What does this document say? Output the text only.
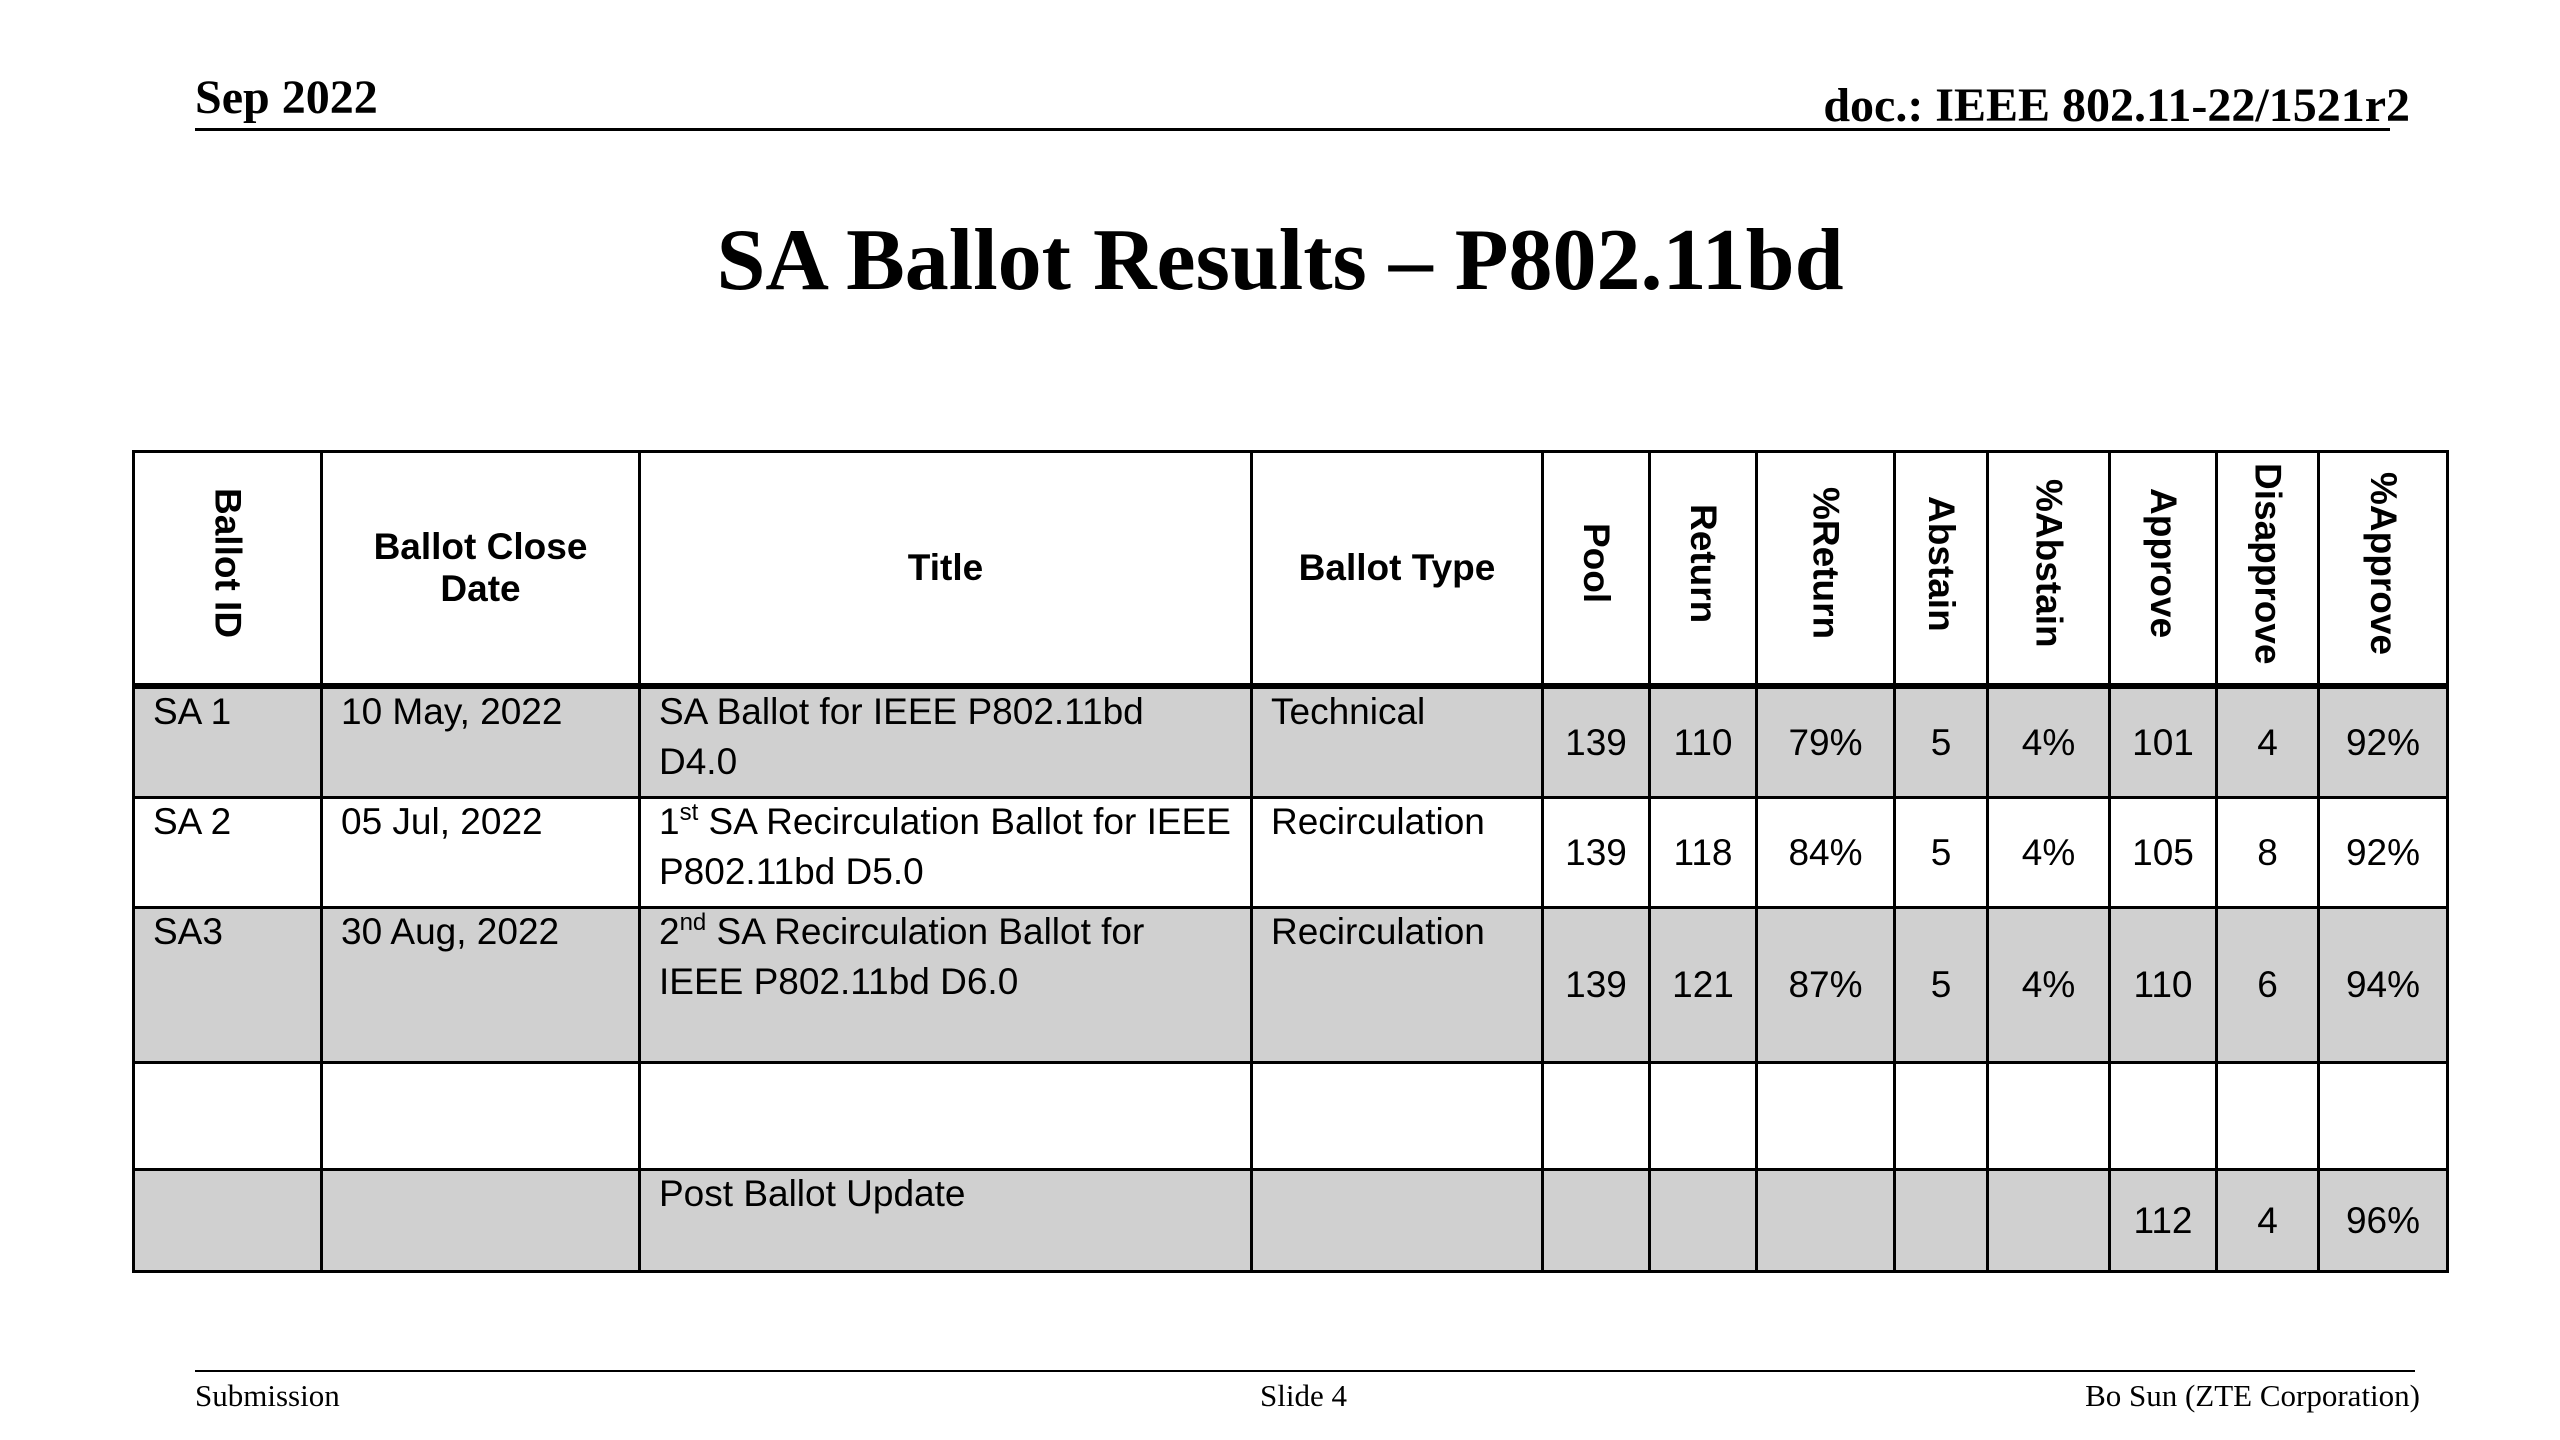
Sep 2022	doc.: IEEE 802.11-22/1521r2
SA Ballot Results – P802.11bd
Ballot ID	Ballot Close Date	Title	Ballot Type	Pool	Return	%Return	Abstain	%Abstain	Approve	Disapprove	%Approve
SA 1	10 May, 2022	SA Ballot for IEEE P802.11bd D4.0	Technical	139	110	79%	5	4%	101	4	92%
SA 2	05 Jul, 2022	1st SA Recirculation Ballot for IEEE P802.11bd D5.0	Recirculation	139	118	84%	5	4%	105	8	92%
SA3	30 Aug, 2022	2nd SA Recirculation Ballot for IEEE P802.11bd D6.0	Recirculation	139	121	87%	5	4%	110	6	94%

		Post Ballot Update							112	4	96%
Submission	Slide 4	Bo Sun (ZTE Corporation)
